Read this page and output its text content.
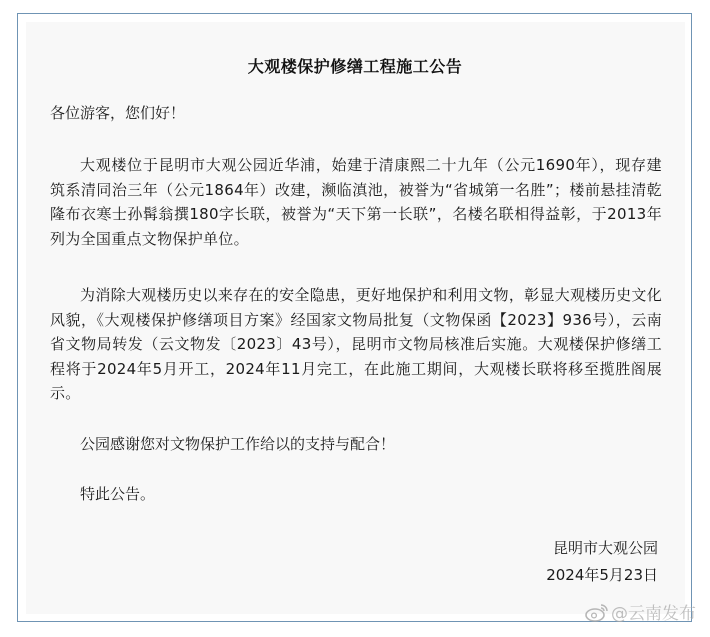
大观楼保护修缮工程施工公告
各位游客，您们好！
大观楼位于昆明市大观公园近华浦，始建于清康熙二十九年（公元1690年），现存建筑系清同治三年（公元1864年）改建，濒临滇池，被誉为“省城第一名胜”；楼前悬挂清乾隆布衣寒士孙髯翁撰180字长联，被誉为“天下第一长联”，名楼名联相得益彰，于2013年列为全国重点文物保护单位。
为消除大观楼历史以来存在的安全隐患，更好地保护和利用文物，彰显大观楼历史文化风貌，《大观楼保护修缮项目方案》经国家文物局批复（文物保函【2023】936号），云南省文物局转发（云文物发〔2023〕43号），昆明市文物局核准后实施。大观楼保护修缮工程将于2024年5月开工，2024年11月完工，在此施工期间，大观楼长联将移至揽胜阁展示。
公园感谢您对文物保护工作给以的支持与配合！
特此公告。
昆明市大观公园
2024年5月23日
@云南发布
